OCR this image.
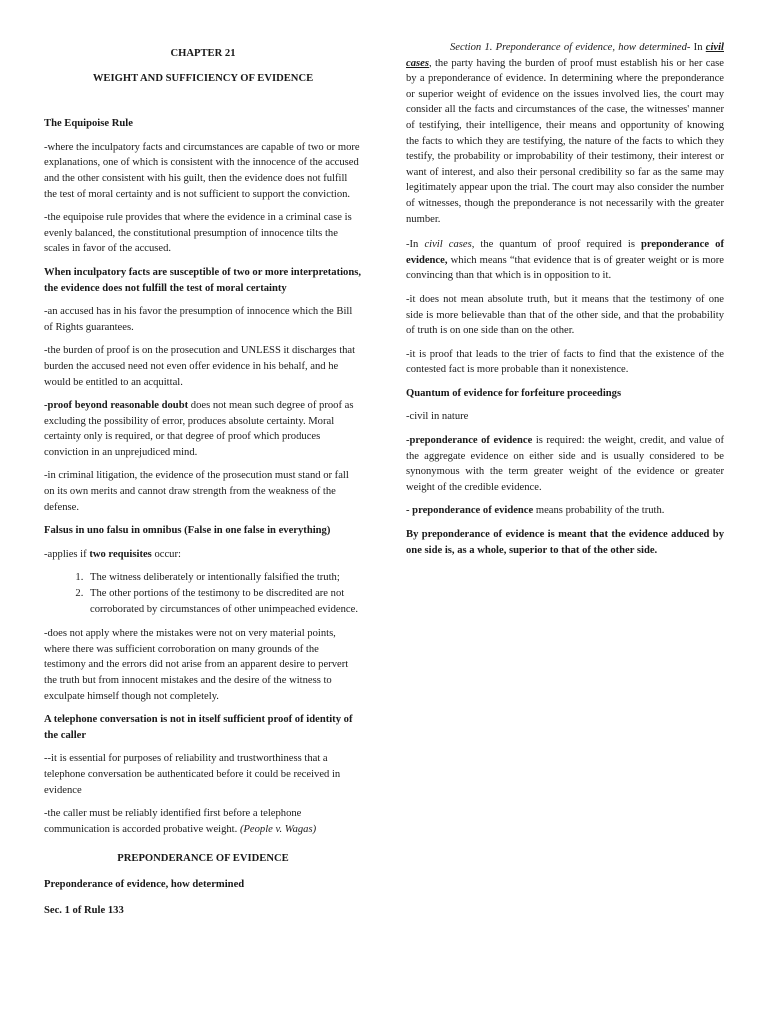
CHAPTER 21

WEIGHT AND SUFFICIENCY OF EVIDENCE

The Equipoise Rule

-where the inculpatory facts and circumstances are capable of two or more explanations, one of which is consistent with the innocence of the accused and the other consistent with his guilt, then the evidence does not fulfill the test of moral certainty and is not sufficient to support the conviction.

-the equipoise rule provides that where the evidence in a criminal case is evenly balanced, the constitutional presumption of innocence tilts the scales in favor of the accused.

When inculpatory facts are susceptible of two or more interpretations, the evidence does not fulfill the test of moral certainty

-an accused has in his favor the presumption of innocence which the Bill of Rights guarantees.

-the burden of proof is on the prosecution and UNLESS it discharges that burden the accused need not even offer evidence in his behalf, and he would be entitled to an acquittal.

-proof beyond reasonable doubt does not mean such degree of proof as excluding the possibility of error, produces absolute certainty. Moral certainty only is required, or that degree of proof which produces conviction in an unprejudiced mind.

-in criminal litigation, the evidence of the prosecution must stand or fall on its own merits and cannot draw strength from the weakness of the defense.

Falsus in uno falsu in omnibus (False in one false in everything)

-applies if two requisites occur:

1. The witness deliberately or intentionally falsified the truth;
2. The other portions of the testimony to be discredited are not corroborated by circumstances of other unimpeached evidence.

-does not apply where the mistakes were not on very material points, where there was sufficient corroboration on many grounds of the testimony and the errors did not arise from an apparent desire to pervert the truth but from innocent mistakes and the desire of the witness to exculpate himself though not completely.

A telephone conversation is not in itself sufficient proof of identity of the caller

--it is essential for purposes of reliability and trustworthiness that a telephone conversation be authenticated before it could be received in evidence

-the caller must be reliably identified first before a telephone communication is accorded probative weight. (People v. Wagas)

PREPONDERANCE OF EVIDENCE

Preponderance of evidence, how determined

Sec. 1 of Rule 133

Section 1. Preponderance of evidence, how determined- In civil cases, the party having the burden of proof must establish his or her case by a preponderance of evidence. In determining where the preponderance or superior weight of evidence on the issues involved lies, the court may consider all the facts and circumstances of the case, the witnesses' manner of testifying, their intelligence, their means and opportunity of knowing the facts to which they are testifying, the nature of the facts to which they testify, the probability or improbability of their testimony, their interest or want of interest, and also their personal credibility so far as the same may legitimately appear upon the trial. The court may also consider the number of witnesses, though the preponderance is not necessarily with the greater number.

-In civil cases, the quantum of proof required is preponderance of evidence, which means “that evidence that is of greater weight or is more convincing than that which is in opposition to it.

-it does not mean absolute truth, but it means that the testimony of one side is more believable than that of the other side, and that the probability of truth is on one side than on the other.

-it is proof that leads to the trier of facts to find that the existence of the contested fact is more probable than it nonexistence.

Quantum of evidence for forfeiture proceedings

-civil in nature

-preponderance of evidence is required: the weight, credit, and value of the aggregate evidence on either side and is usually considered to be synonymous with the term greater weight of the evidence or greater weight of the credible evidence.

- preponderance of evidence means probability of the truth.

By preponderance of evidence is meant that the evidence adduced by one side is, as a whole, superior to that of the other side.
